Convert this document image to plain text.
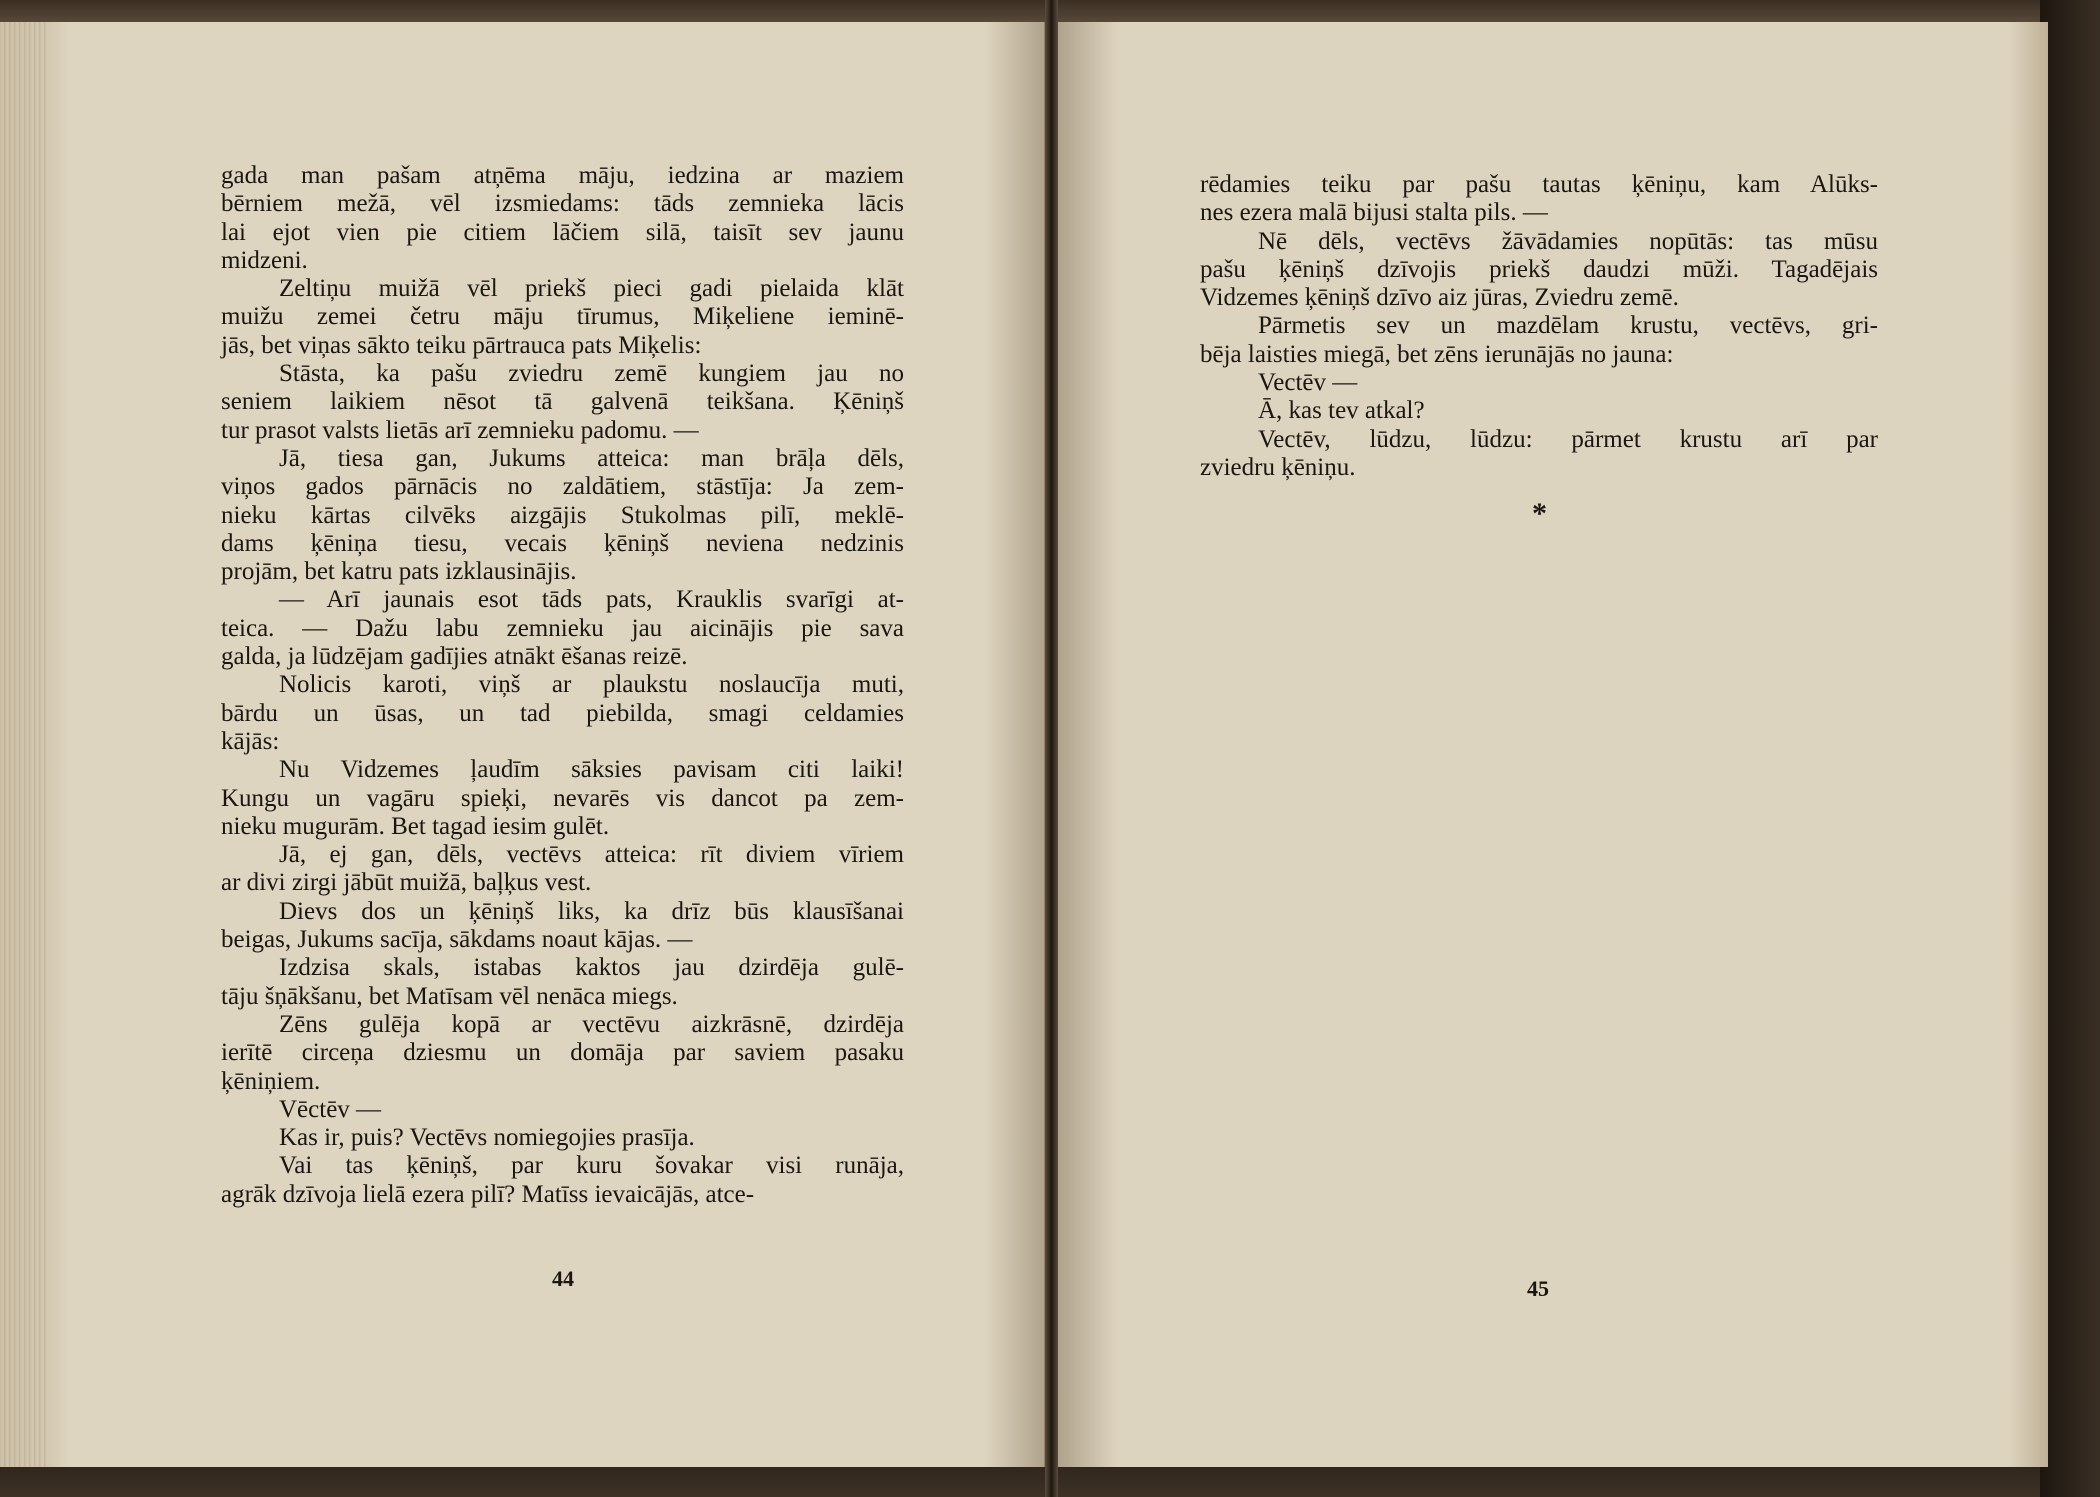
gada man pašam atņēma māju, iedzina ar maziem

bērniem mežā, vēl izsmiedams: tāds zemnieka lācis

lai ejot vien pie citiem lāčiem silā, taisīt sev jaunu

midzeni.

Zeltiņu muižā vēl priekš pieci gadi pielaida klāt

muižu zemei četru māju tīrumus, Miķeliene ieminē-

jās, bet viņas sākto teiku pārtrauca pats Miķelis:

Stāsta, ka pašu zviedru zemē kungiem jau no

seniem laikiem nēsot tā galvenā teikšana. Ķēniņš

tur prasot valsts lietās arī zemnieku padomu. —

Jā, tiesa gan, Jukums atteica: man brāļa dēls,

viņos gados pārnācis no zaldātiem, stāstīja: Ja zem-

nieku kārtas cilvēks aizgājis Stukolmas pilī, meklē-

dams ķēniņa tiesu, vecais ķēniņš neviena nedzinis

projām, bet katru pats izklausinājis.

— Arī jaunais esot tāds pats, Krauklis svarīgi at-

teica. — Dažu labu zemnieku jau aicinājis pie sava

galda, ja lūdzējam gadījies atnākt ēšanas reizē.

Nolicis karoti, viņš ar plaukstu noslaucīja muti,

bārdu un ūsas, un tad piebilda, smagi celdamies

kājās:

Nu Vidzemes ļaudīm sāksies pavisam citi laiki!

Kungu un vagāru spieķi, nevarēs vis dancot pa zem-

nieku mugurām. Bet tagad iesim gulēt.

Jā, ej gan, dēls, vectēvs atteica: rīt diviem vīriem

ar divi zirgi jābūt muižā, baļķus vest.

Dievs dos un ķēniņš liks, ka drīz būs klausīšanai

beigas, Jukums sacīja, sākdams noaut kājas. —

Izdzisa skals, istabas kaktos jau dzirdēja gulē-

tāju šņākšanu, bet Matīsam vēl nenāca miegs.

Zēns gulēja kopā ar vectēvu aizkrāsnē, dzirdēja

ierītē circeņa dziesmu un domāja par saviem pasaku

ķēniņiem.

Vēctēv —

Kas ir, puis? Vectēvs nomiegojies prasīja.

Vai tas ķēniņš, par kuru šovakar visi runāja,

agrāk dzīvoja lielā ezera pilī? Matīss ievaicājās, atce-

rēdamies teiku par pašu tautas ķēniņu, kam Alūks-

nes ezera malā bijusi stalta pils. —

Nē dēls, vectēvs žāvādamies nopūtās: tas mūsu

pašu ķēniņš dzīvojis priekš daudzi mūži. Tagadējais

Vidzemes ķēniņš dzīvo aiz jūras, Zviedru zemē.

Pārmetis sev un mazdēlam krustu, vectēvs, gri-

bēja laisties miegā, bet zēns ierunājās no jauna:

Vectēv —

Ā, kas tev atkal?

Vectēv, lūdzu, lūdzu: pārmet krustu arī par

zviedru ķēniņu.

*
44	45
